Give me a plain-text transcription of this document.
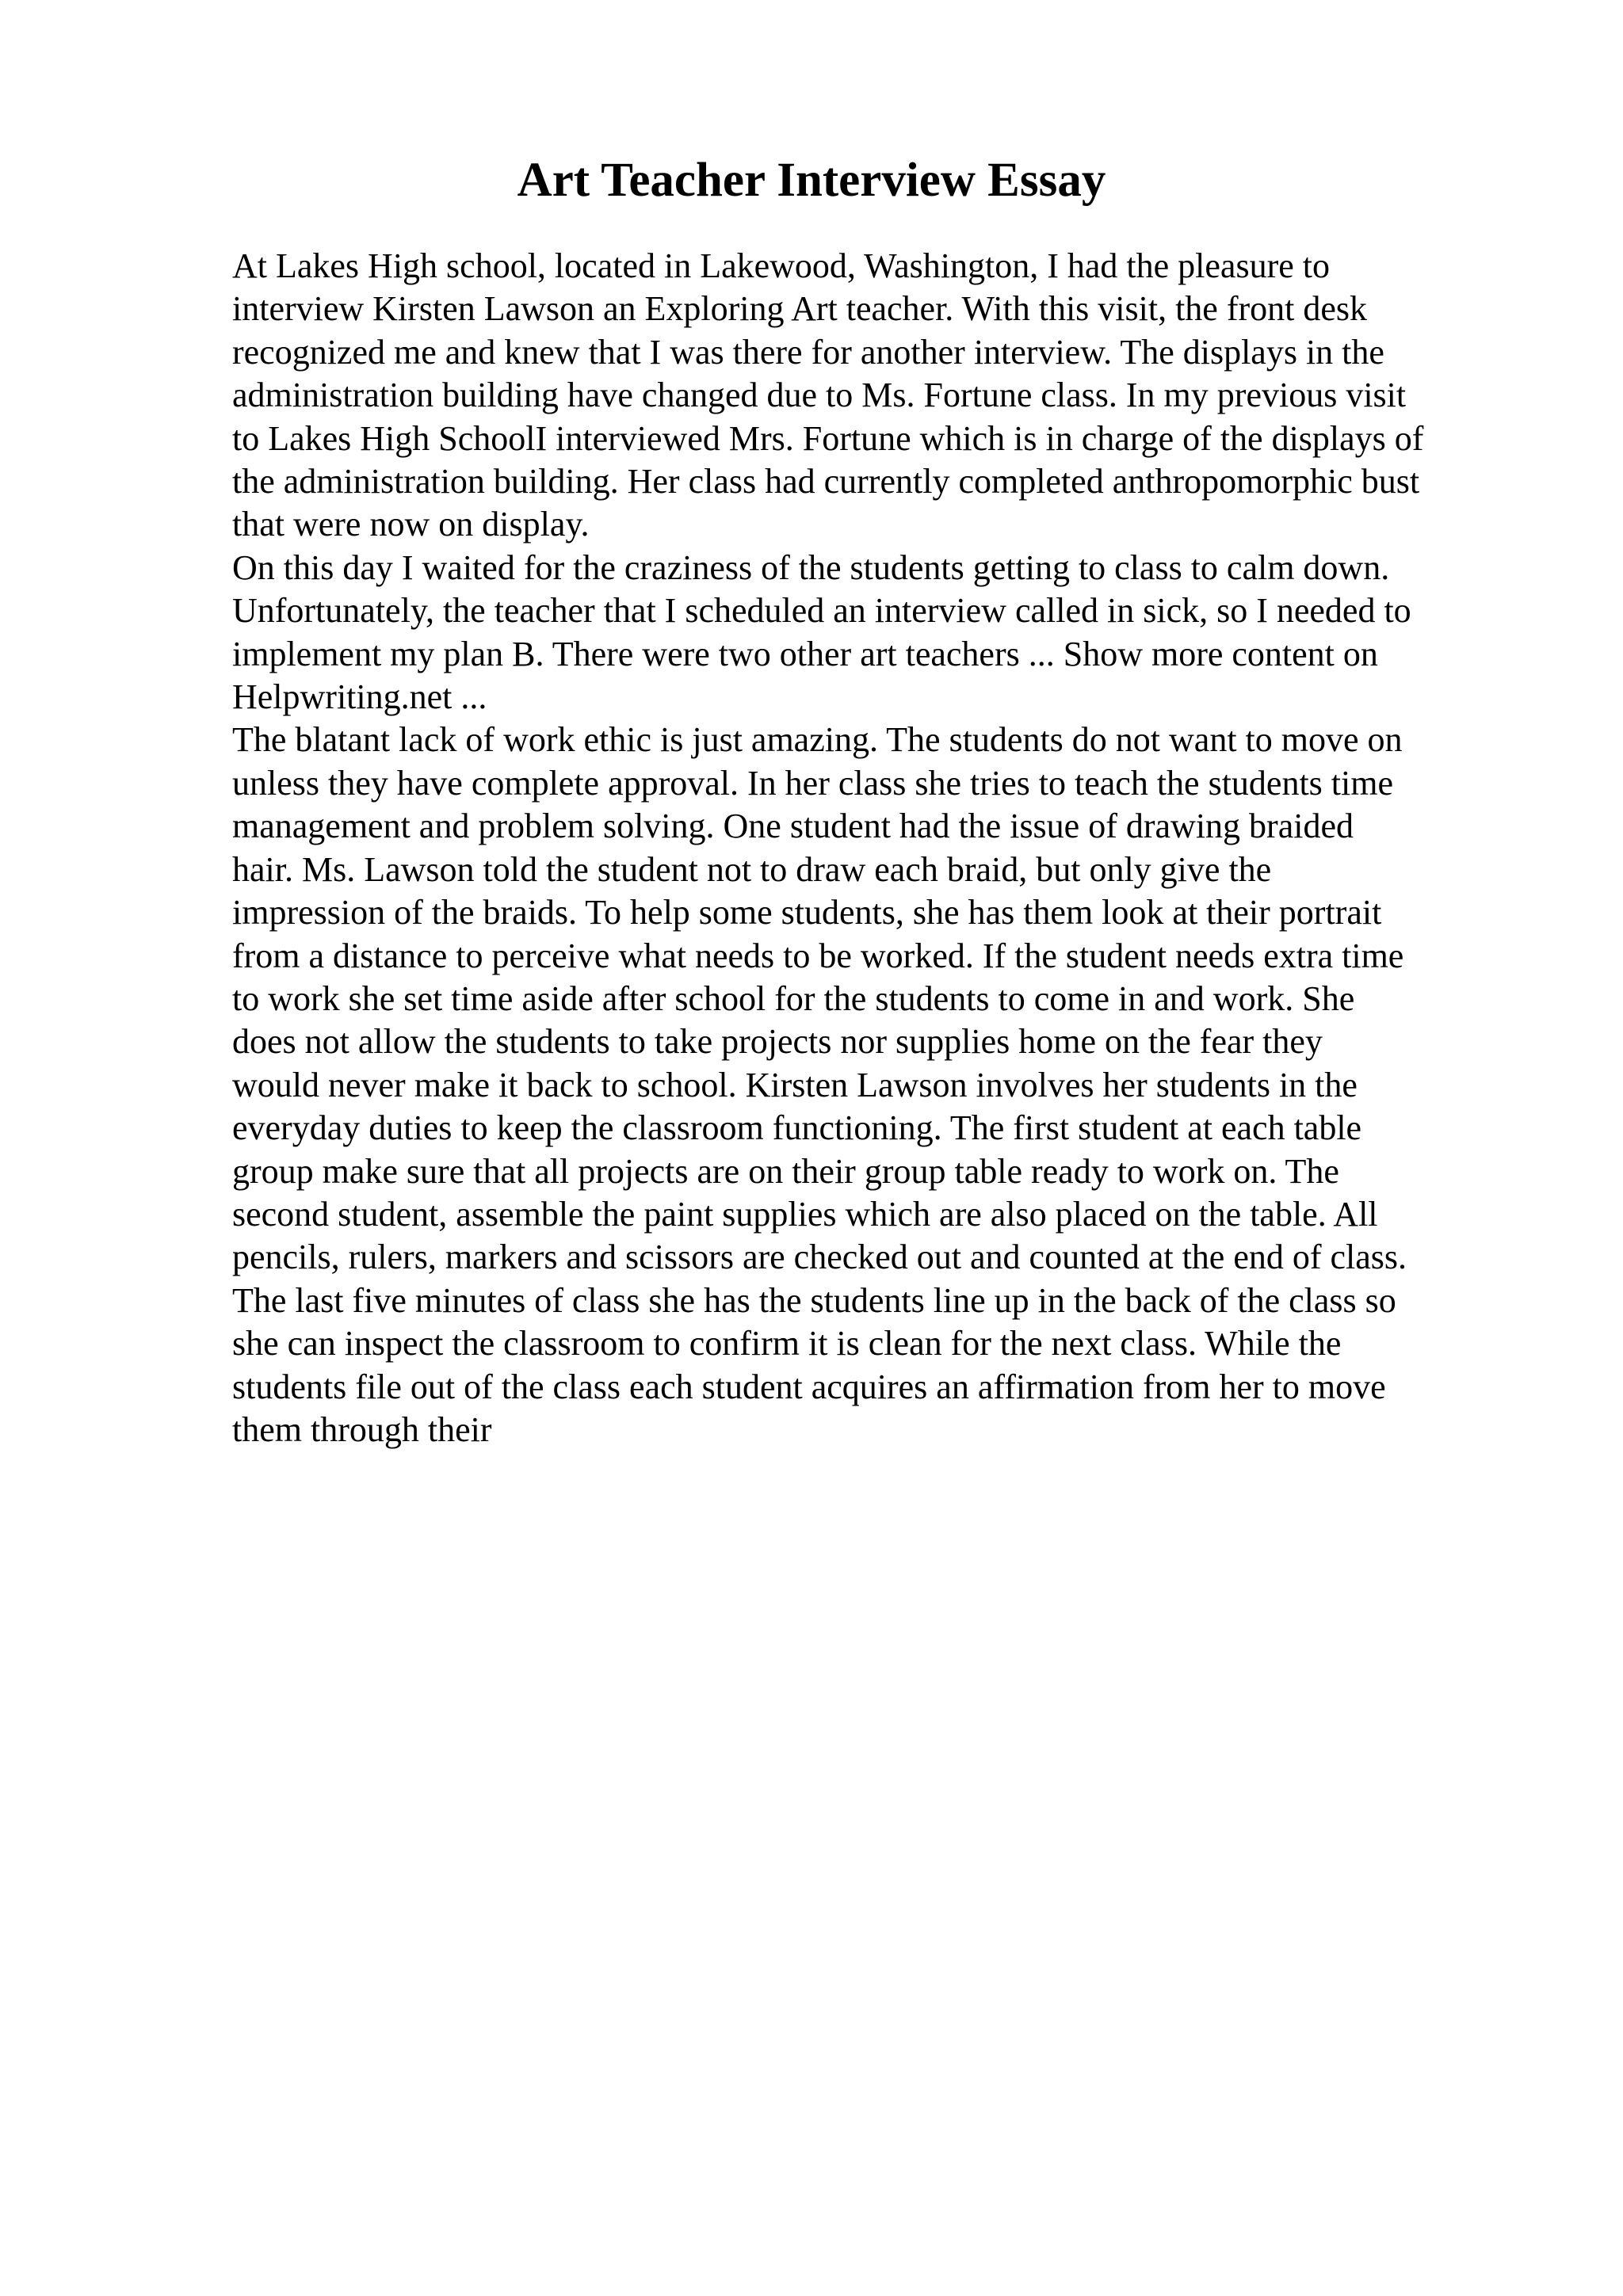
Art Teacher Interview Essay
At Lakes High school, located in Lakewood, Washington, I had the pleasure to
interview Kirsten Lawson an Exploring Art teacher. With this visit, the front desk
recognized me and knew that I was there for another interview. The displays in the
administration building have changed due to Ms. Fortune class. In my previous visit
to Lakes High SchoolI interviewed Mrs. Fortune which is in charge of the displays of
the administration building. Her class had currently completed anthropomorphic bust
that were now on display.
On this day I waited for the craziness of the students getting to class to calm down.
Unfortunately, the teacher that I scheduled an interview called in sick, so I needed to
implement my plan B. There were two other art teachers ... Show more content on
Helpwriting.net ...
The blatant lack of work ethic is just amazing. The students do not want to move on
unless they have complete approval. In her class she tries to teach the students time
management and problem solving. One student had the issue of drawing braided
hair. Ms. Lawson told the student not to draw each braid, but only give the
impression of the braids. To help some students, she has them look at their portrait
from a distance to perceive what needs to be worked. If the student needs extra time
to work she set time aside after school for the students to come in and work. She
does not allow the students to take projects nor supplies home on the fear they
would never make it back to school. Kirsten Lawson involves her students in the
everyday duties to keep the classroom functioning. The first student at each table
group make sure that all projects are on their group table ready to work on. The
second student, assemble the paint supplies which are also placed on the table. All
pencils, rulers, markers and scissors are checked out and counted at the end of class.
The last five minutes of class she has the students line up in the back of the class so
she can inspect the classroom to confirm it is clean for the next class. While the
students file out of the class each student acquires an affirmation from her to move
them through their
